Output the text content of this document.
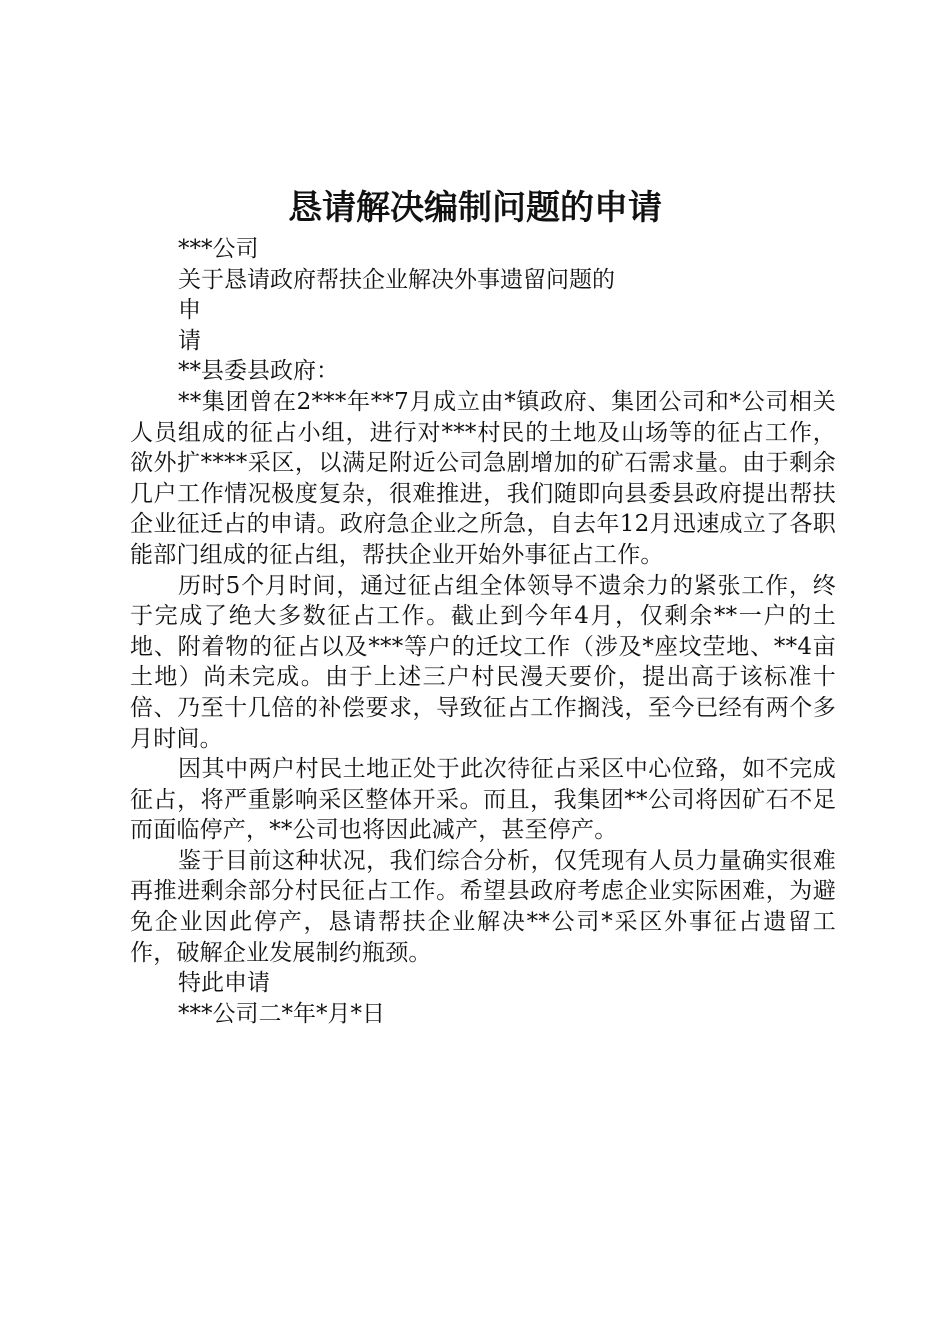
恳请解决编制问题的申请

***公司

关于恳请政府帮扶企业解决外事遗留问题的

申

请

**县委县政府：

**集团曾在2***年**7月成立由*镇政府、集团公司和*公司相关人员组成的征占小组，进行对***村民的土地及山场等的征占工作，欲外扩****采区，以满足附近公司急剧增加的矿石需求量。由于剩余几户工作情况极度复杂，很难推进，我们随即向县委县政府提出帮扶企业征迁占的申请。政府急企业之所急，自去年12月迅速成立了各职能部门组成的征占组，帮扶企业开始外事征占工作。

历时5个月时间，通过征占组全体领导不遗余力的紧张工作，终于完成了绝大多数征占工作。截止到今年4月，仅剩余**一户的土地、附着物的征占以及***等户的迁坟工作（涉及*座坟茔地、**4亩土地）尚未完成。由于上述三户村民漫天要价，提出高于该标准十倍、乃至十几倍的补偿要求，导致征占工作搁浅，至今已经有两个多月时间。

因其中两户村民土地正处于此次待征占采区中心位臵，如不完成征占，将严重影响采区整体开采。而且，我集团**公司将因矿石不足而面临停产，**公司也将因此减产，甚至停产。

鉴于目前这种状况，我们综合分析，仅凭现有人员力量确实很难再推进剩余部分村民征占工作。希望县政府考虑企业实际困难，为避免企业因此停产，恳请帮扶企业解决**公司*采区外事征占遗留工作，破解企业发展制约瓶颈。

特此申请

***公司二*年*月*日
